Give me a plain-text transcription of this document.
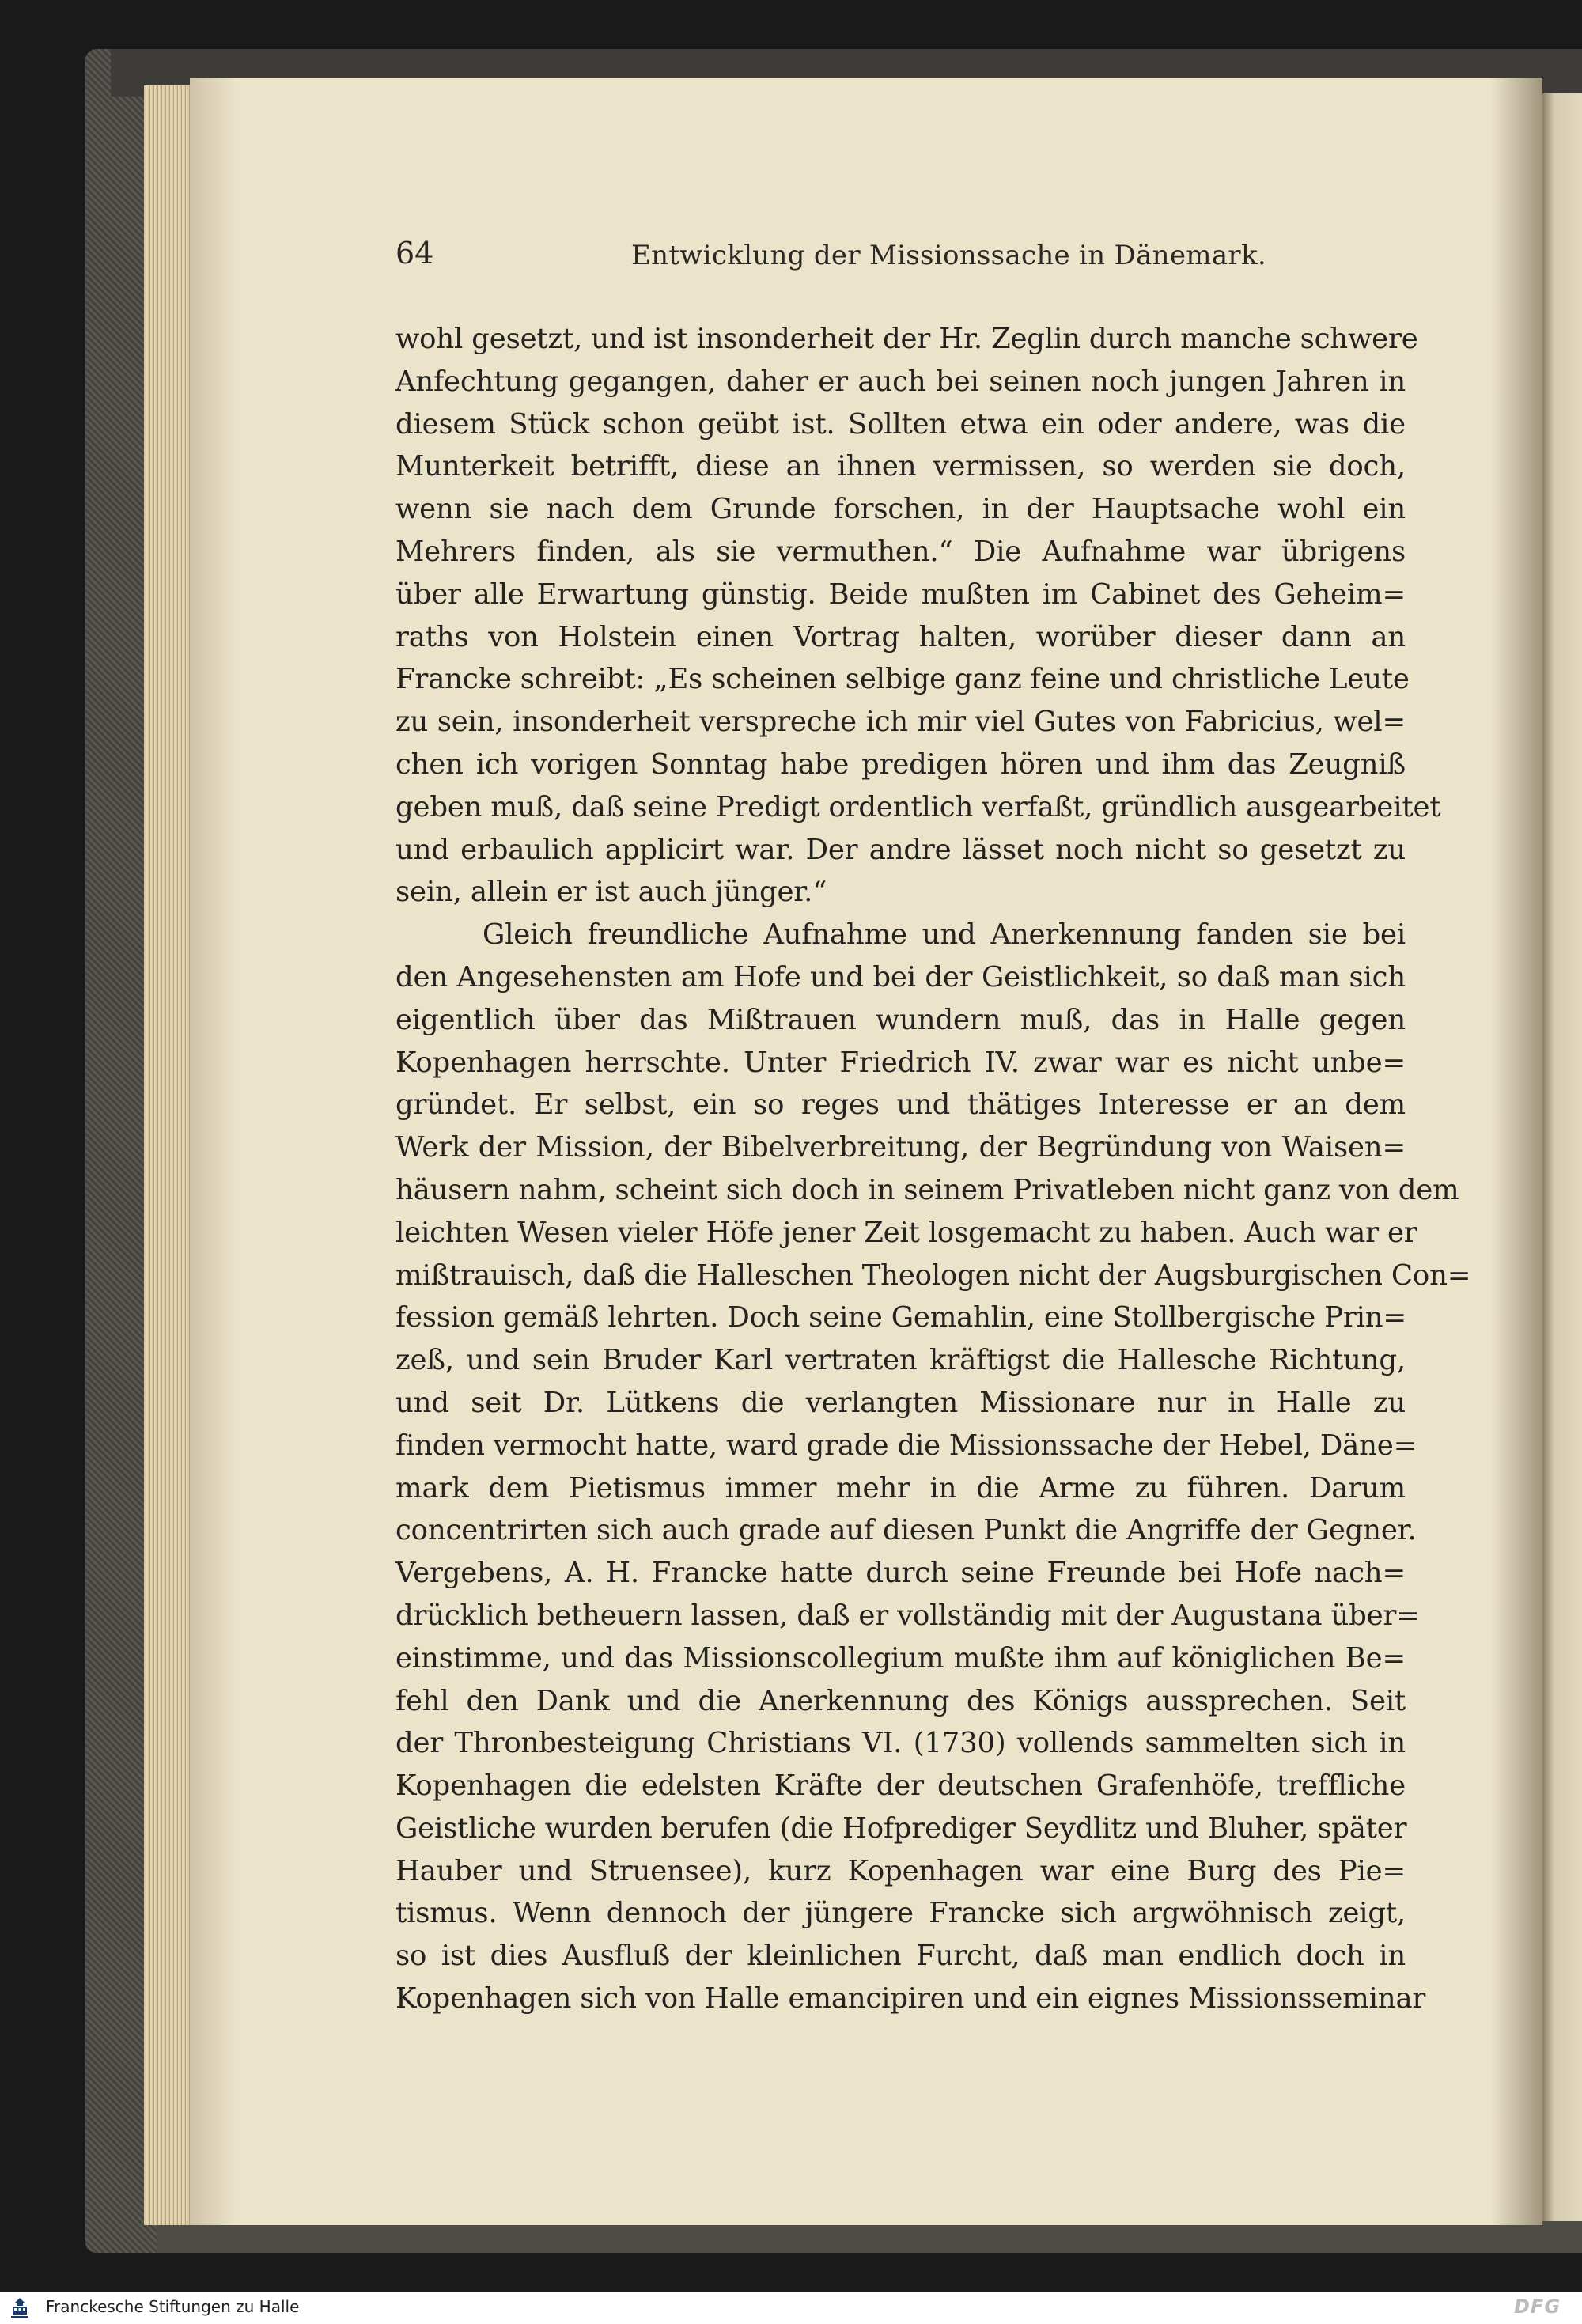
64	Entwicklung der Missionssache in Dänemark.
wohl gesetzt, und ist insonderheit der Hr. Zeglin durch manche schwere
Anfechtung gegangen, daher er auch bei seinen noch jungen Jahren in
diesem Stück schon geübt ist. Sollten etwa ein oder andere, was die
Munterkeit betrifft, diese an ihnen vermissen, so werden sie doch,
wenn sie nach dem Grunde forschen, in der Hauptsache wohl ein
Mehrers finden, als sie vermuthen.“ Die Aufnahme war übrigens
über alle Erwartung günstig. Beide mußten im Cabinet des Geheim=
raths von Holstein einen Vortrag halten, worüber dieser dann an
Francke schreibt: „Es scheinen selbige ganz feine und christliche Leute
zu sein, insonderheit verspreche ich mir viel Gutes von Fabricius, wel=
chen ich vorigen Sonntag habe predigen hören und ihm das Zeugniß
geben muß, daß seine Predigt ordentlich verfaßt, gründlich ausgearbeitet
und erbaulich applicirt war. Der andre lässet noch nicht so gesetzt zu
sein, allein er ist auch jünger.“
Gleich freundliche Aufnahme und Anerkennung fanden sie bei
den Angesehensten am Hofe und bei der Geistlichkeit, so daß man sich
eigentlich über das Mißtrauen wundern muß, das in Halle gegen
Kopenhagen herrschte. Unter Friedrich IV. zwar war es nicht unbe=
gründet. Er selbst, ein so reges und thätiges Interesse er an dem
Werk der Mission, der Bibelverbreitung, der Begründung von Waisen=
häusern nahm, scheint sich doch in seinem Privatleben nicht ganz von dem
leichten Wesen vieler Höfe jener Zeit losgemacht zu haben. Auch war er
mißtrauisch, daß die Halleschen Theologen nicht der Augsburgischen Con=
fession gemäß lehrten. Doch seine Gemahlin, eine Stollbergische Prin=
zeß, und sein Bruder Karl vertraten kräftigst die Hallesche Richtung,
und seit Dr. Lütkens die verlangten Missionare nur in Halle zu
finden vermocht hatte, ward grade die Missionssache der Hebel, Däne=
mark dem Pietismus immer mehr in die Arme zu führen. Darum
concentrirten sich auch grade auf diesen Punkt die Angriffe der Gegner.
Vergebens, A. H. Francke hatte durch seine Freunde bei Hofe nach=
drücklich betheuern lassen, daß er vollständig mit der Augustana über=
einstimme, und das Missionscollegium mußte ihm auf königlichen Be=
fehl den Dank und die Anerkennung des Königs aussprechen. Seit
der Thronbesteigung Christians VI. (1730) vollends sammelten sich in
Kopenhagen die edelsten Kräfte der deutschen Grafenhöfe, treffliche
Geistliche wurden berufen (die Hofprediger Seydlitz und Bluher, später
Hauber und Struensee), kurz Kopenhagen war eine Burg des Pie=
tismus. Wenn dennoch der jüngere Francke sich argwöhnisch zeigt,
so ist dies Ausfluß der kleinlichen Furcht, daß man endlich doch in
Kopenhagen sich von Halle emancipiren und ein eignes Missionsseminar
Franckesche Stiftungen zu Halle	DFG
